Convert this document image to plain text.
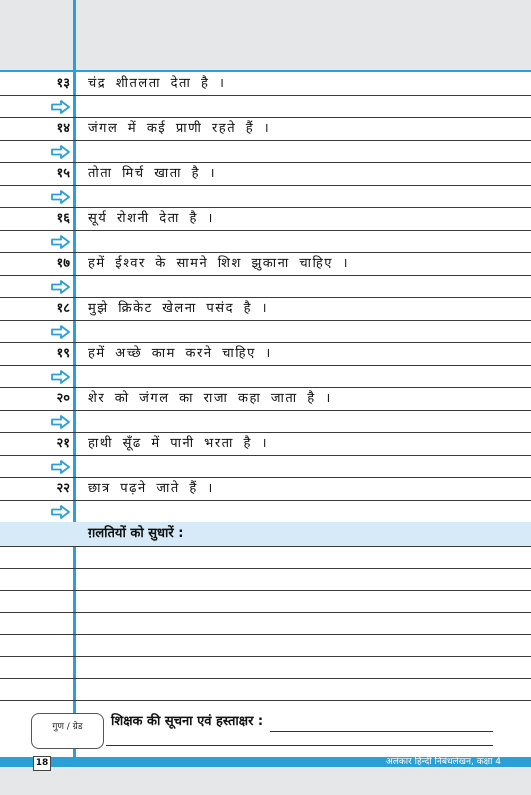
१३ चंद्र शीतलता देता है ।
१४ जंगल में कई प्राणी रहते हैं ।
१५ तोता मिर्च खाता है ।
१६ सूर्य रोशनी देता है ।
१७ हमें ईश्वर के सामने शिश झुकाना चाहिए ।
१८ मुझे क्रिकेट खेलना पसंद है ।
१९ हमें अच्छे काम करने चाहिए ।
२० शेर को जंगल का राजा कहा जाता है ।
२१ हाथी सूँढ में पानी भरता है ।
२२ छात्र पढ़ने जाते हैं ।
ग़लतियों को सुधारें :
गुण / ग्रेड	शिक्षक की सूचना एवं हस्ताक्षर :
18	अलंकार हिन्दी निबंधलेखन, कक्षा 4
